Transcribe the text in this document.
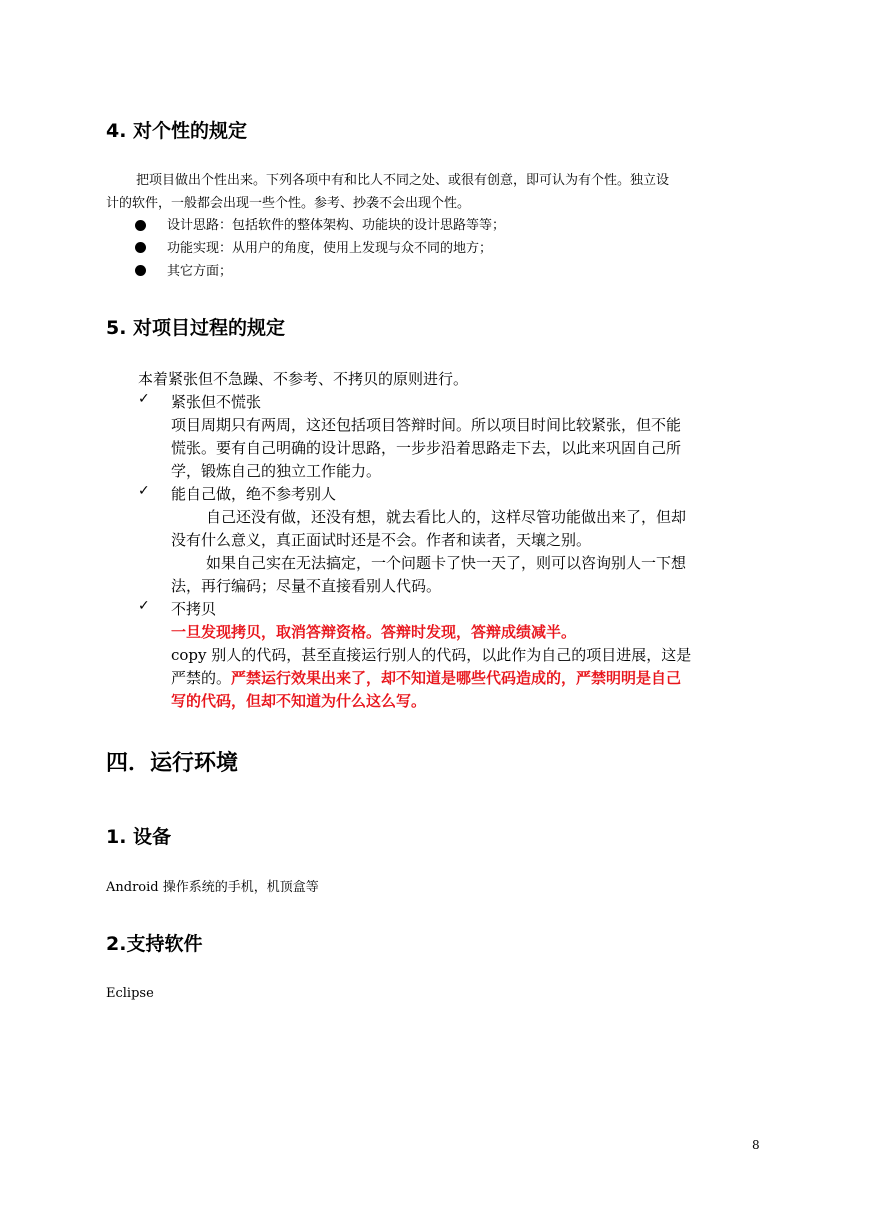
4. 对个性的规定
把项目做出个性出来。下列各项中有和比人不同之处、或很有创意，即可认为有个性。独立设
计的软件，一般都会出现一些个性。参考、抄袭不会出现个性。
设计思路：包括软件的整体架构、功能块的设计思路等等；
功能实现：从用户的角度，使用上发现与众不同的地方；
其它方面；
5. 对项目过程的规定
本着紧张但不急躁、不参考、不拷贝的原则进行。
✓ 紧张但不慌张
项目周期只有两周，这还包括项目答辩时间。所以项目时间比较紧张，但不能
慌张。要有自己明确的设计思路，一步步沿着思路走下去，以此来巩固自己所
学，锻炼自己的独立工作能力。
✓ 能自己做，绝不参考别人
自己还没有做，还没有想，就去看比人的，这样尽管功能做出来了，但却
没有什么意义，真正面试时还是不会。作者和读者，天壤之别。
如果自己实在无法搞定，一个问题卡了快一天了，则可以咨询别人一下想
法，再行编码；尽量不直接看别人代码。
✓ 不拷贝
一旦发现拷贝，取消答辩资格。答辩时发现，答辩成绩减半。
copy 别人的代码，甚至直接运行别人的代码，以此作为自己的项目进展，这是
严禁的。严禁运行效果出来了，却不知道是哪些代码造成的，严禁明明是自己
写的代码，但却不知道为什么这么写。
四．运行环境
1. 设备
Android 操作系统的手机，机顶盒等
2.支持软件
Eclipse
8
